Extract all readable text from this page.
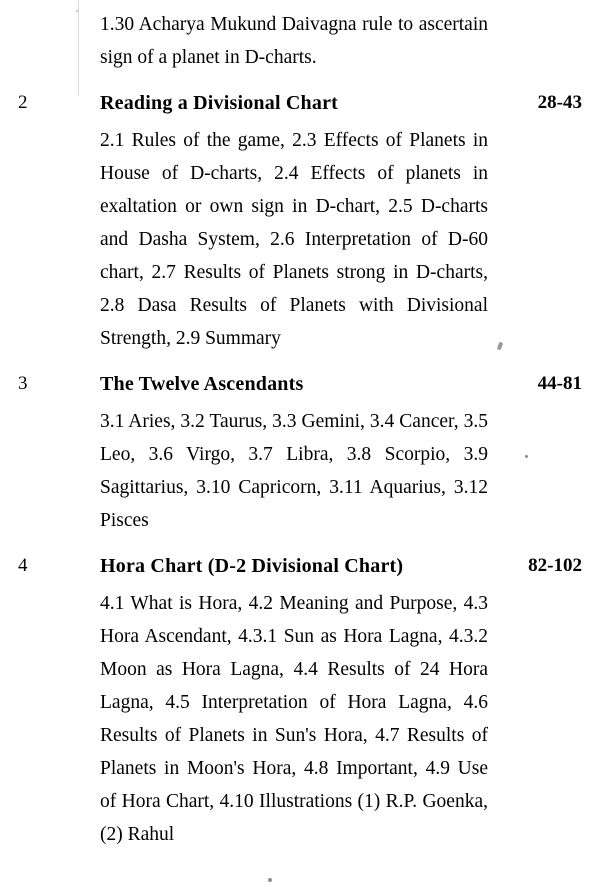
1.30 Acharya Mukund Daivagna rule to ascertain sign of a planet in D-charts.
2	Reading a Divisional Chart	28-43
2.1 Rules of the game, 2.3 Effects of Planets in House of D-charts, 2.4 Effects of planets in exaltation or own sign in D-chart, 2.5 D-charts and Dasha System, 2.6 Interpretation of D-60 chart, 2.7 Results of Planets strong in D-charts, 2.8 Dasa Results of Planets with Divisional Strength, 2.9 Summary
3	The Twelve Ascendants	44-81
3.1 Aries, 3.2 Taurus, 3.3 Gemini, 3.4 Cancer, 3.5 Leo, 3.6 Virgo, 3.7 Libra, 3.8 Scorpio, 3.9 Sagittarius, 3.10 Capricorn, 3.11 Aquarius, 3.12 Pisces
4	Hora Chart (D-2 Divisional Chart)	82-102
4.1 What is Hora, 4.2 Meaning and Purpose, 4.3 Hora Ascendant, 4.3.1 Sun as Hora Lagna, 4.3.2 Moon as Hora Lagna, 4.4 Results of 24 Hora Lagna, 4.5 Interpretation of Hora Lagna, 4.6 Results of Planets in Sun's Hora, 4.7 Results of Planets in Moon's Hora, 4.8 Important, 4.9 Use of Hora Chart, 4.10 Illustrations (1) R.P. Goenka, (2) Rahul
